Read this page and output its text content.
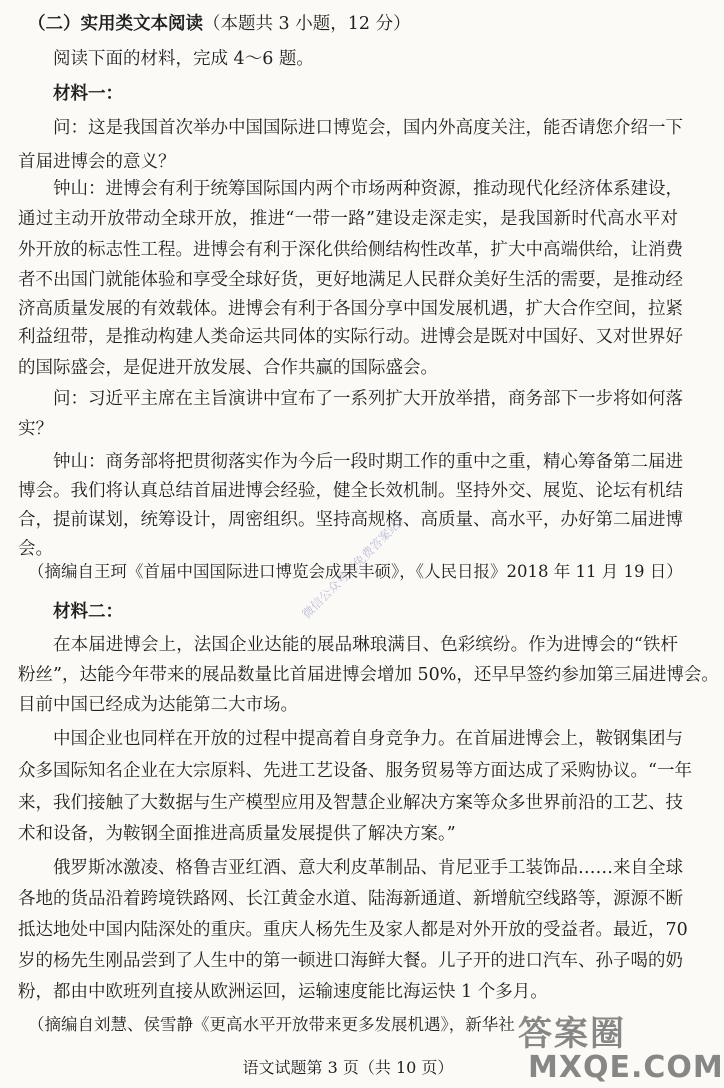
（二）实用类文本阅读（本题共 3 小题，12 分）
阅读下面的材料，完成 4～6 题。
材料一：
问：这是我国首次举办中国国际进口博览会，国内外高度关注，能否请您介绍一下
首届进博会的意义？
钟山：进博会有利于统筹国际国内两个市场两种资源，推动现代化经济体系建设，
通过主动开放带动全球开放，推进“一带一路”建设走深走实，是我国新时代高水平对
外开放的标志性工程。进博会有利于深化供给侧结构性改革，扩大中高端供给，让消费
者不出国门就能体验和享受全球好货，更好地满足人民群众美好生活的需要，是推动经
济高质量发展的有效载体。进博会有利于各国分享中国发展机遇，扩大合作空间，拉紧
利益纽带，是推动构建人类命运共同体的实际行动。进博会是既对中国好、又对世界好
的国际盛会，是促进开放发展、合作共赢的国际盛会。
问：习近平主席在主旨演讲中宣布了一系列扩大开放举措，商务部下一步将如何落
实？
钟山：商务部将把贯彻落实作为今后一段时期工作的重中之重，精心筹备第二届进
博会。我们将认真总结首届进博会经验，健全长效机制。坚持外交、展览、论坛有机结
合，提前谋划，统筹设计，周密组织。坚持高规格、高质量、高水平，办好第二届进博
会。
（摘编自王珂《首届中国国际进口博览会成果丰硕》，《人民日报》2018 年 11 月 19 日）
材料二：
在本届进博会上，法国企业达能的展品琳琅满目、色彩缤纷。作为进博会的“铁杆
粉丝”，达能今年带来的展品数量比首届进博会增加 50%，还早早签约参加第三届进博会。
目前中国已经成为达能第二大市场。
中国企业也同样在开放的过程中提高着自身竞争力。在首届进博会上，鞍钢集团与
众多国际知名企业在大宗原料、先进工艺设备、服务贸易等方面达成了采购协议。“一年
来，我们接触了大数据与生产模型应用及智慧企业解决方案等众多世界前沿的工艺、技
术和设备，为鞍钢全面推进高质量发展提供了解决方案。”
俄罗斯冰激凌、格鲁吉亚红酒、意大利皮革制品、肯尼亚手工装饰品……来自全球
各地的货品沿着跨境铁路网、长江黄金水道、陆海新通道、新增航空线路等，源源不断
抵达地处中国内陆深处的重庆。重庆人杨先生及家人都是对外开放的受益者。最近，70
岁的杨先生刚品尝到了人生中的第一顿进口海鲜大餐。儿子开的进口汽车、孙子喝的奶
粉，都由中欧班列直接从欧洲运回，运输速度能比海运快 1 个多月。
（摘编自刘慧、侯雪静《更高水平开放带来更多发展机遇》，新华社
语文试题第 3 页（共 10 页）
微信公众号《免费答案站》
答案圈
MXQE.COM
